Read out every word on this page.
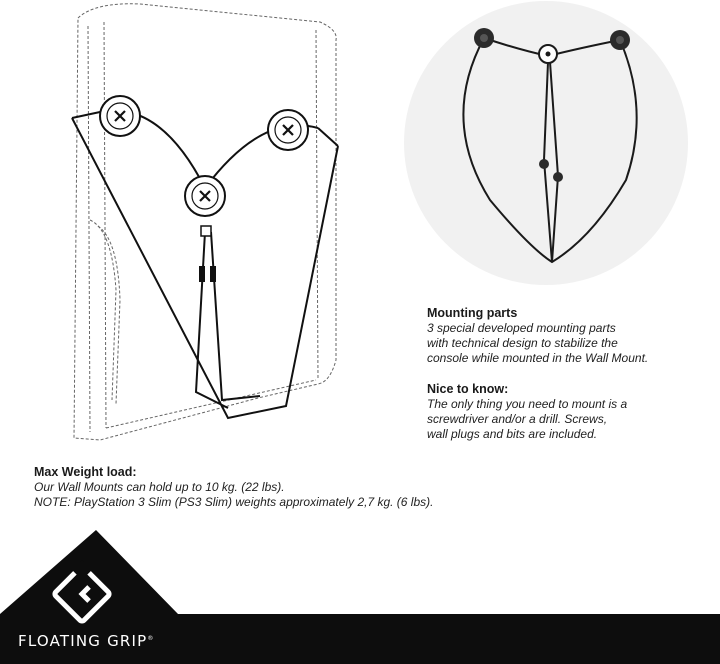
Mounting parts

3 special developed mounting parts

with technical design to stabilize the

console while mounted in the Wall Mount.

Nice to know:

The only thing you need to mount is a

screwdriver and/or a drill. Screws,

wall plugs and bits are included.

Max Weight load:

Our Wall Mounts can hold up to 10 kg. (22 lbs).

NOTE: PlayStation 3 Slim (PS3 Slim) weights approximately 2,7 kg. (6 lbs).

FLOATING GRIP®
